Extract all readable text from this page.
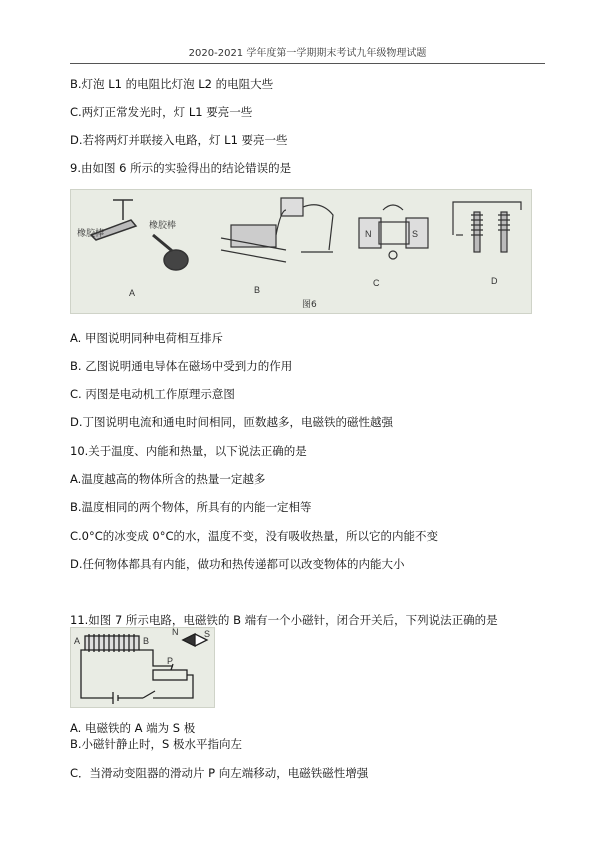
2020-2021 学年度第一学期期末考试九年级物理试题
B.灯泡 L1 的电阻比灯泡 L2 的电阻大些
C.两灯正常发光时，灯 L1 要亮一些
D.若将两灯并联接入电路，灯 L1 要亮一些
9.由如图 6 所示的实验得出的结论错误的是
橡胶棒
橡胶棒
N	S
A	B
C	D
图6
A. 甲图说明同种电荷相互排斥
B. 乙图说明通电导体在磁场中受到力的作用
C. 丙图是电动机工作原理示意图
D.丁图说明电流和通电时间相同，匝数越多，电磁铁的磁性越强
10.关于温度、内能和热量，以下说法正确的是
A.温度越高的物体所含的热量一定越多
B.温度相同的两个物体，所具有的内能一定相等
C.0°C的冰变成 0°C的水，温度不变，没有吸收热量，所以它的内能不变
D.任何物体都具有内能，做功和热传递都可以改变物体的内能大小
11.如图 7 所示电路，电磁铁的 B 端有一个小磁针，闭合开关后，下列说法正确的是
A	B
N	S
P
A. 电磁铁的 A 端为 S 极
B.小磁针静止时，S 极水平指向左
C．当滑动变阻器的滑动片 P 向左端移动，电磁铁磁性增强
